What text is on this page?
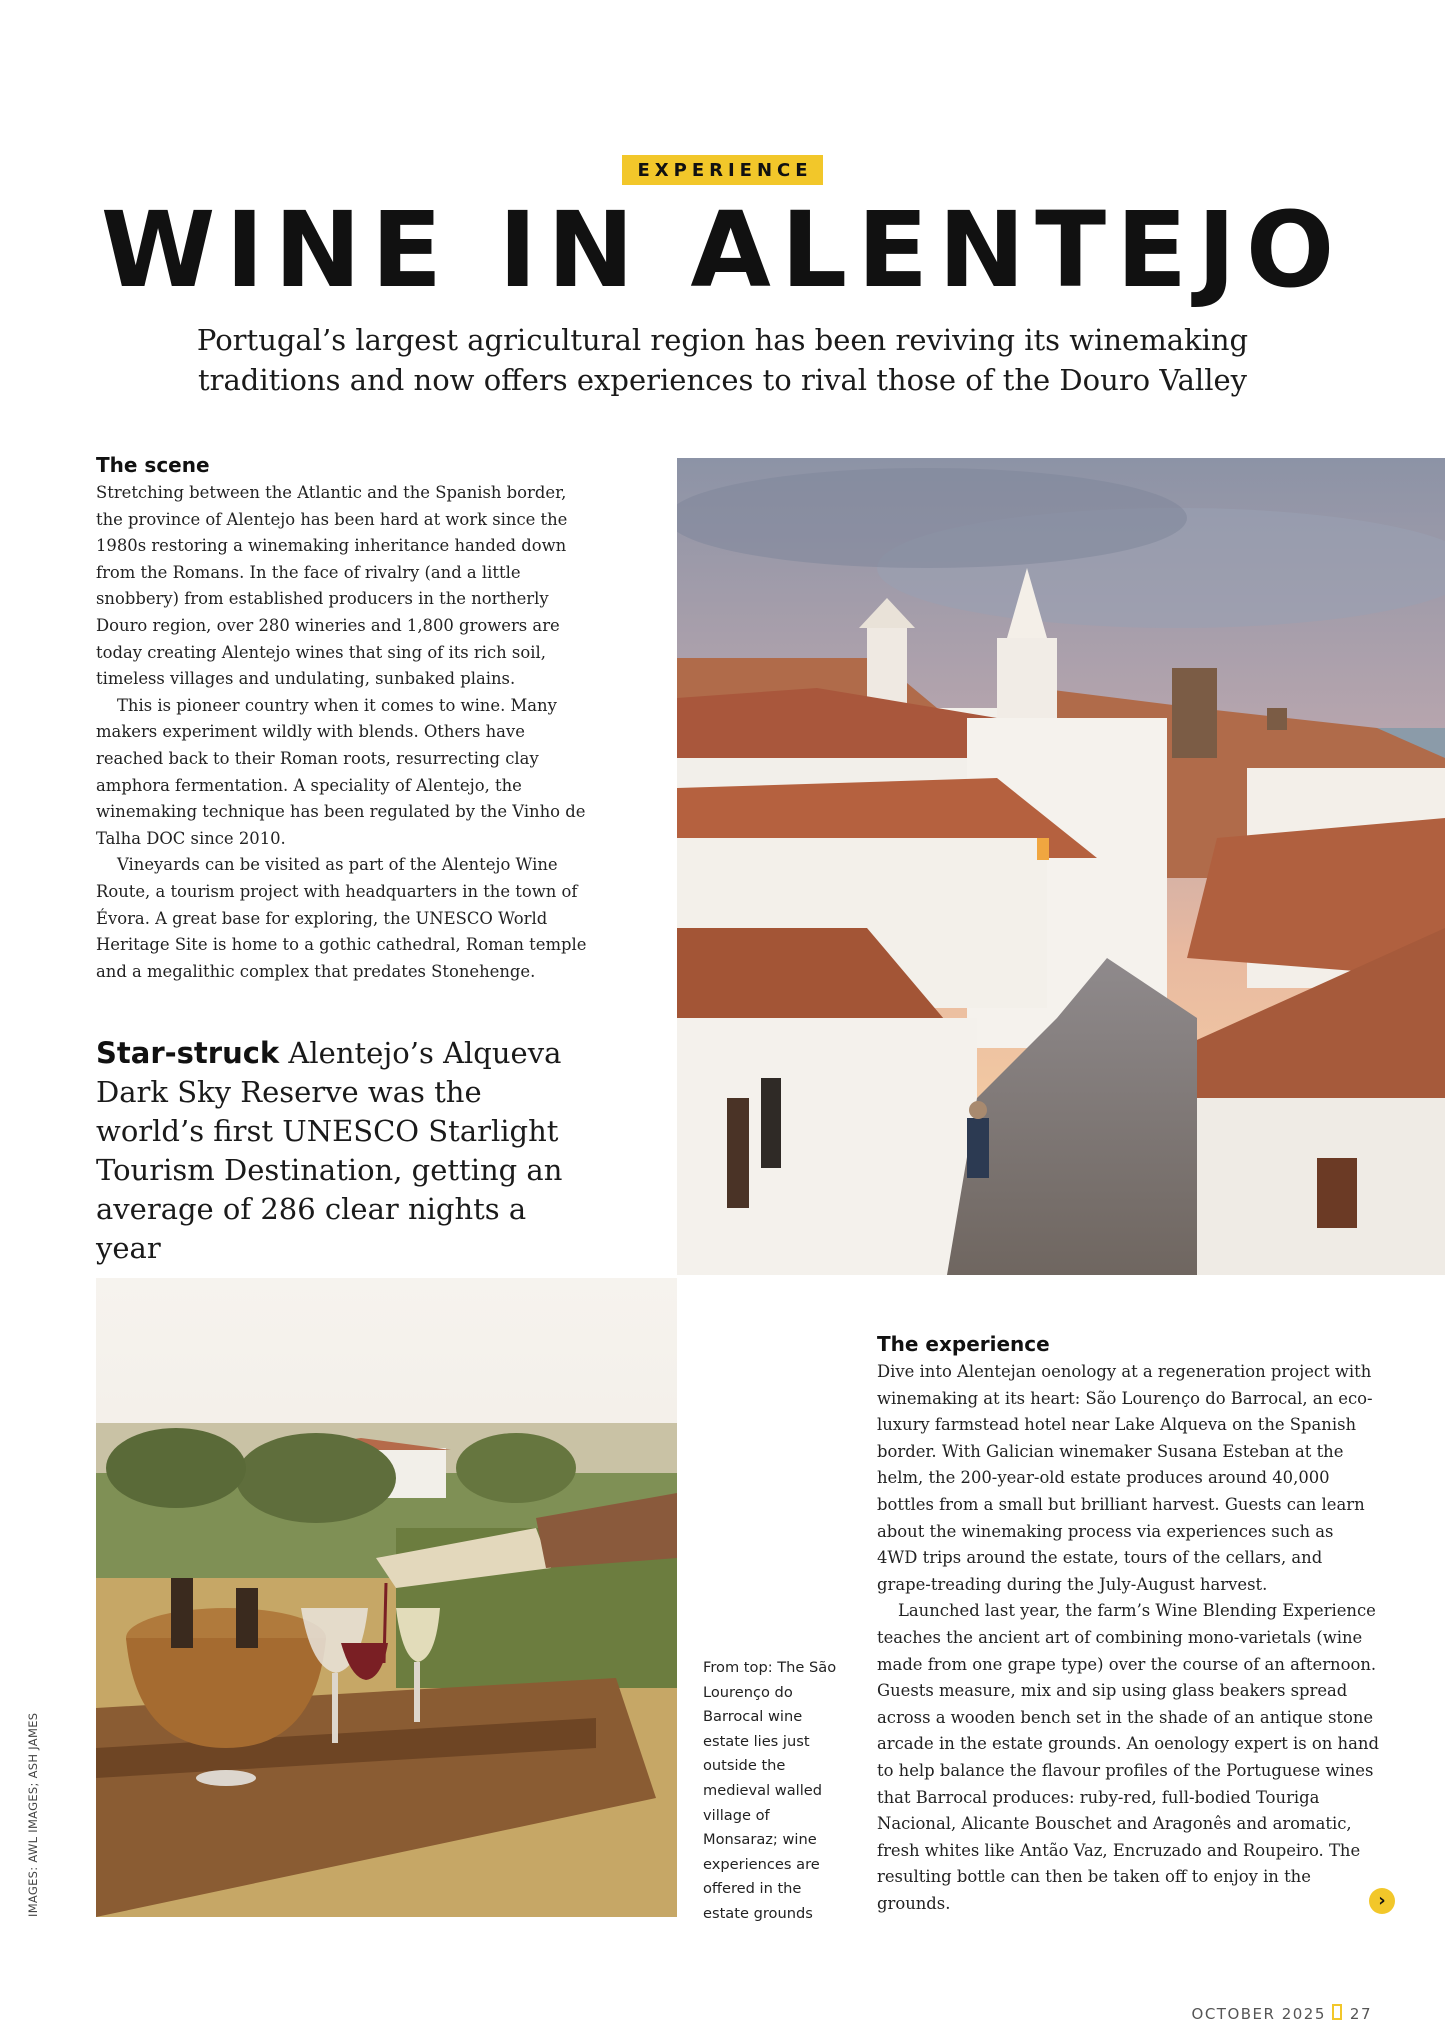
EXPERIENCE
WINE IN ALENTEJO
Portugal’s largest agricultural region has been reviving its winemaking traditions and now offers experiences to rival those of the Douro Valley
The scene

Stretching between the Atlantic and the Spanish border, the province of Alentejo has been hard at work since the 1980s restoring a winemaking inheritance handed down from the Romans. In the face of rivalry (and a little snobbery) from established producers in the northerly Douro region, over 280 wineries and 1,800 growers are today creating Alentejo wines that sing of its rich soil, timeless villages and undulating, sunbaked plains.

This is pioneer country when it comes to wine. Many makers experiment wildly with blends. Others have reached back to their Roman roots, resurrecting clay amphora fermentation. A speciality of Alentejo, the winemaking technique has been regulated by the Vinho de Talha DOC since 2010.

Vineyards can be visited as part of the Alentejo Wine Route, a tourism project with headquarters in the town of Évora. A great base for exploring, the UNESCO World Heritage Site is home to a gothic cathedral, Roman temple and a megalithic complex that predates Stonehenge.

Star-struck Alentejo’s Alqueva Dark Sky Reserve was the world’s first UNESCO Starlight Tourism Destination, getting an average of 286 clear nights a year

From top: The São Lourenço do Barrocal wine estate lies just outside the medieval walled village of Monsaraz; wine experiences are offered in the estate grounds
The experience

Dive into Alentejan oenology at a regeneration project with winemaking at its heart: São Lourenço do Barrocal, an eco-luxury farmstead hotel near Lake Alqueva on the Spanish border. With Galician winemaker Susana Esteban at the helm, the 200-year-old estate produces around 40,000 bottles from a small but brilliant harvest. Guests can learn about the winemaking process via experiences such as 4WD trips around the estate, tours of the cellars, and grape-treading during the July-August harvest.

Launched last year, the farm’s Wine Blending Experience teaches the ancient art of combining mono-varietals (wine made from one grape type) over the course of an afternoon. Guests measure, mix and sip using glass beakers spread across a wooden bench set in the shade of an antique stone arcade in the estate grounds. An oenology expert is on hand to help balance the flavour profiles of the Portuguese wines that Barrocal produces: ruby-red, full-bodied Touriga Nacional, Alicante Bouschet and Aragonês and aromatic, fresh whites like Antão Vaz, Encruzado and Roupeiro. The resulting bottle can then be taken off to enjoy in the grounds.

IMAGES: AWL IMAGES; ASH JAMES	›
OCTOBER 2025 27
